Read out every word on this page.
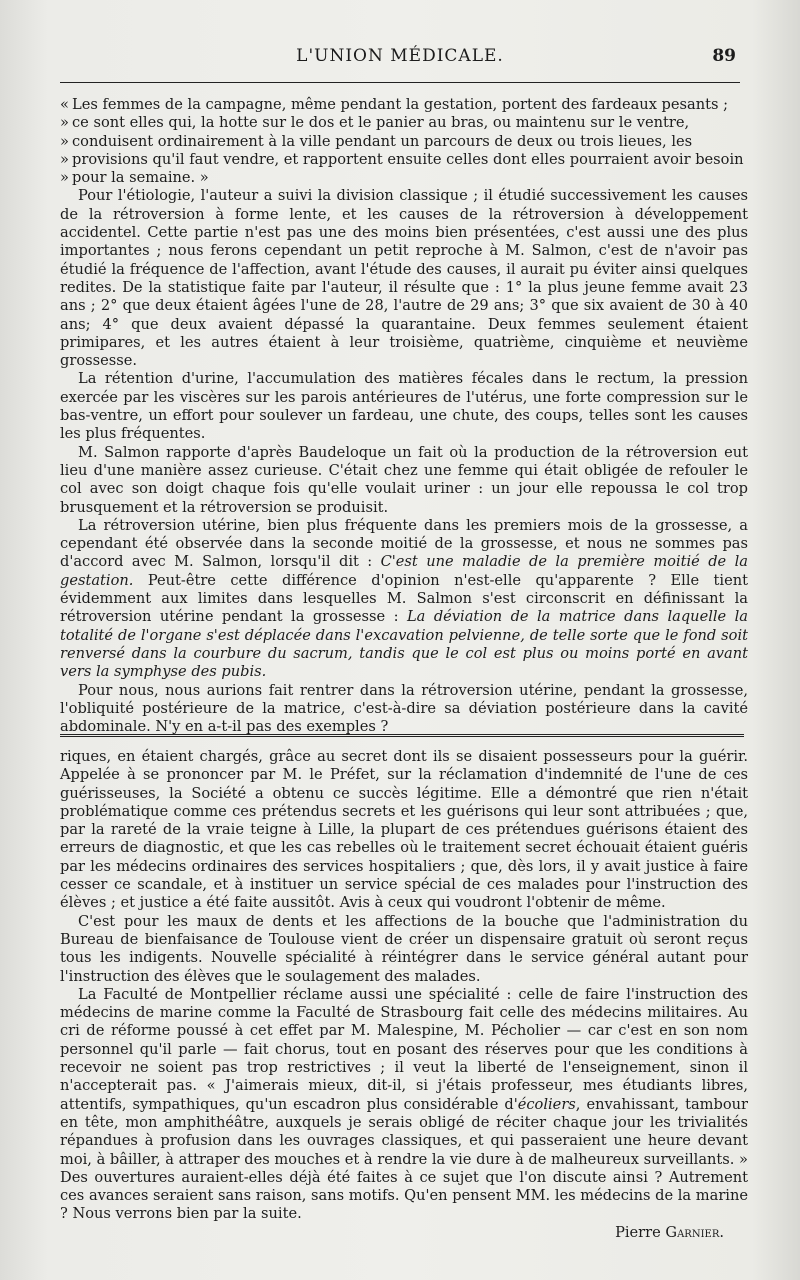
L'UNION MÉDICALE.	89

« Les femmes de la campagne, même pendant la gestation, portent des fardeaux pesants ;
» ce sont elles qui, la hotte sur le dos et le panier au bras, ou maintenu sur le ventre,
» conduisent ordinairement à la ville pendant un parcours de deux ou trois lieues, les
» provisions qu'il faut vendre, et rapportent ensuite celles dont elles pourraient avoir besoin
» pour la semaine. »

Pour l'étiologie, l'auteur a suivi la division classique ; il étudié successivement les causes de la rétroversion à forme lente, et les causes de la rétroversion à développement accidentel. Cette partie n'est pas une des moins bien présentées, c'est aussi une des plus importantes ; nous ferons cependant un petit reproche à M. Salmon, c'est de n'avoir pas étudié la fréquence de l'affection, avant l'étude des causes, il aurait pu éviter ainsi quelques redites. De la statistique faite par l'auteur, il résulte que : 1° la plus jeune femme avait 23 ans ; 2° que deux étaient âgées l'une de 28, l'autre de 29 ans; 3° que six avaient de 30 à 40 ans; 4° que deux avaient dépassé la quarantaine. Deux femmes seulement étaient primipares, et les autres étaient à leur troisième, quatrième, cinquième et neuvième grossesse.

La rétention d'urine, l'accumulation des matières fécales dans le rectum, la pression exercée par les viscères sur les parois antérieures de l'utérus, une forte compression sur le bas-ventre, un effort pour soulever un fardeau, une chute, des coups, telles sont les causes les plus fréquentes.

M. Salmon rapporte d'après Baudeloque un fait où la production de la rétroversion eut lieu d'une manière assez curieuse. C'était chez une femme qui était obligée de refouler le col avec son doigt chaque fois qu'elle voulait uriner : un jour elle repoussa le col trop brusquement et la rétroversion se produisit.

La rétroversion utérine, bien plus fréquente dans les premiers mois de la grossesse, a cependant été observée dans la seconde moitié de la grossesse, et nous ne sommes pas d'accord avec M. Salmon, lorsqu'il dit : C'est une maladie de la première moitié de la gestation. Peut-être cette différence d'opinion n'est-elle qu'apparente ? Elle tient évidemment aux limites dans lesquelles M. Salmon s'est circonscrit en définissant la rétroversion utérine pendant la grossesse : La déviation de la matrice dans laquelle la totalité de l'organe s'est déplacée dans l'excavation pelvienne, de telle sorte que le fond soit renversé dans la courbure du sacrum, tandis que le col est plus ou moins porté en avant vers la symphyse des pubis.

Pour nous, nous aurions fait rentrer dans la rétroversion utérine, pendant la grossesse, l'obliquité postérieure de la matrice, c'est-à-dire sa déviation postérieure dans la cavité abdominale. N'y en a-t-il pas des exemples ?

riques, en étaient chargés, grâce au secret dont ils se disaient possesseurs pour la guérir. Appelée à se prononcer par M. le Préfet, sur la réclamation d'indemnité de l'une de ces guérisseuses, la Société a obtenu ce succès légitime. Elle a démontré que rien n'était problématique comme ces prétendus secrets et les guérisons qui leur sont attribuées ; que, par la rareté de la vraie teigne à Lille, la plupart de ces prétendues guérisons étaient des erreurs de diagnostic, et que les cas rebelles où le traitement secret échouait étaient guéris par les médecins ordinaires des services hospitaliers ; que, dès lors, il y avait justice à faire cesser ce scandale, et à instituer un service spécial de ces malades pour l'instruction des élèves ; et justice a été faite aussitôt. Avis à ceux qui voudront l'obtenir de même.

C'est pour les maux de dents et les affections de la bouche que l'administration du Bureau de bienfaisance de Toulouse vient de créer un dispensaire gratuit où seront reçus tous les indigents. Nouvelle spécialité à réintégrer dans le service général autant pour l'instruction des élèves que le soulagement des malades.

La Faculté de Montpellier réclame aussi une spécialité : celle de faire l'instruction des médecins de marine comme la Faculté de Strasbourg fait celle des médecins militaires. Au cri de réforme poussé à cet effet par M. Malespine, M. Pécholier — car c'est en son nom personnel qu'il parle — fait chorus, tout en posant des réserves pour que les conditions à recevoir ne soient pas trop restrictives ; il veut la liberté de l'enseignement, sinon il n'accepterait pas. « J'aimerais mieux, dit-il, si j'étais professeur, mes étudiants libres, attentifs, sympathiques, qu'un escadron plus considérable d'écoliers, envahissant, tambour en tête, mon amphithéâtre, auxquels je serais obligé de réciter chaque jour les trivialités répandues à profusion dans les ouvrages classiques, et qui passeraient une heure devant moi, à bâiller, à attraper des mouches et à rendre la vie dure à de malheureux surveillants. » Des ouvertures auraient-elles déjà été faites à ce sujet que l'on discute ainsi ? Autrement ces avances seraient sans raison, sans motifs. Qu'en pensent MM. les médecins de la marine ? Nous verrons bien par la suite.

Pierre Garnier.
